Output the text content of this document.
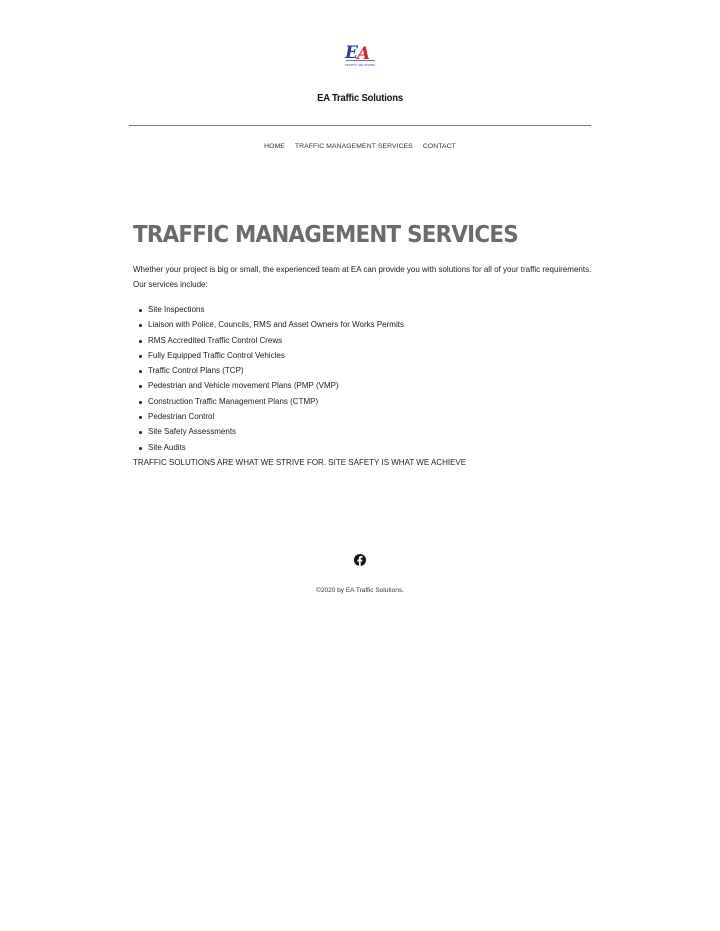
E A
TRAFFIC SOLUTIONS
EA Traffic Solutions
HOME TRAFFIC MANAGEMENT SERVICES CONTACT
TRAFFIC MANAGEMENT SERVICES

Whether your project is big or small, the experienced team at EA can provide you with solutions for all of your traffic requirements. Our services include:

Site Inspections
Liaison with Police, Councils, RMS and Asset Owners for Works Permits
RMS Accredited Traffic Control Crews
Fully Equipped Traffic Control Vehicles
Traffic Control Plans (TCP)
Pedestrian and Vehicle movement Plans (PMP (VMP)
Construction Traffic Management Plans (CTMP)
Pedestrian Control
Site Safety Assessments
Site Audits

TRAFFIC SOLUTIONS ARE WHAT WE STRIVE FOR. SITE SAFETY IS WHAT WE ACHIEVE

©2020 by EA Traffic Solutions.
